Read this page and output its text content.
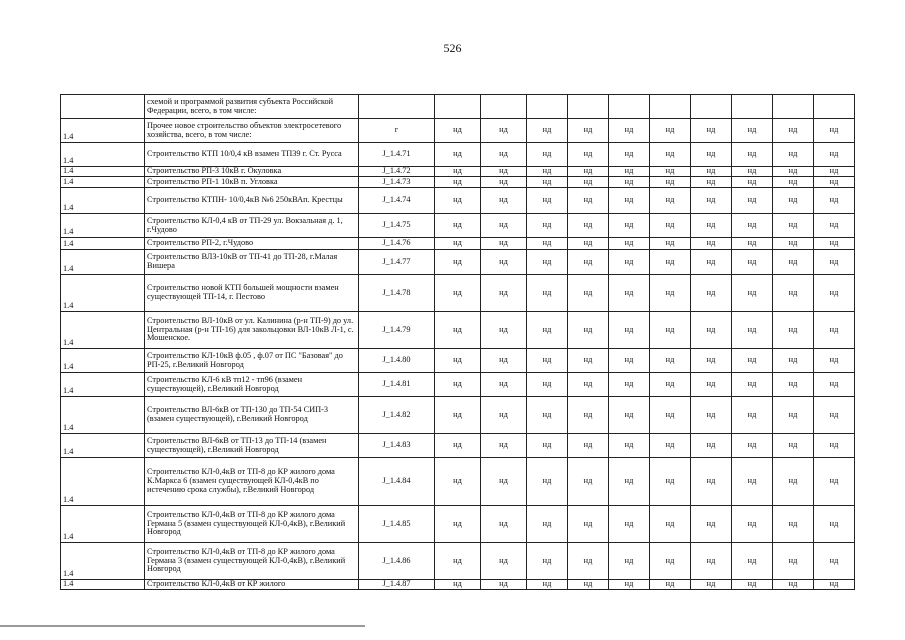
526
	схемой и программой развития субъекта Российской Федерации, всего, в том числе:											
1.4	Прочее новое строительство объектов электросетевого хозяйства, всего, в том числе:	г	нд	нд	нд	нд	нд	нд	нд	нд	нд	нд
1.4	Строительство КТП 10/0,4 кВ взамен ТП39 г. Ст. Русса	J_1.4.71	нд	нд	нд	нд	нд	нд	нд	нд	нд	нд
1.4	Строительство РП-3 10кВ г. Окуловка	J_1.4.72	нд	нд	нд	нд	нд	нд	нд	нд	нд	нд
1.4	Строительство РП-1 10кВ п. Угловка	J_1.4.73	нд	нд	нд	нд	нд	нд	нд	нд	нд	нд
1.4	Строительство КТПН- 10/0,4кВ №6 250кВАп. Крестцы	J_1.4.74	нд	нд	нд	нд	нд	нд	нд	нд	нд	нд
1.4	Строительство КЛ-0,4 кВ от ТП-29 ул. Вокзальная д. 1, г.Чудово	J_1.4.75	нд	нд	нд	нд	нд	нд	нд	нд	нд	нд
1.4	Строительство РП-2, г.Чудово	J_1.4.76	нд	нд	нд	нд	нд	нд	нд	нд	нд	нд
1.4	Строительство ВЛЗ-10кВ от ТП-41 до ТП-28, г.Малая Вишера	J_1.4.77	нд	нд	нд	нд	нд	нд	нд	нд	нд	нд
1.4	Строительство новой КТП большей мощности взамен существующей ТП-14, г. Пестово	J_1.4.78	нд	нд	нд	нд	нд	нд	нд	нд	нд	нд
1.4	Строительство ВЛ-10кВ от ул. Калинина (р-н ТП-9) до ул. Центральная (р-н ТП-16) для закольцовки ВЛ-10кВ Л-1, с. Мошенское.	J_1.4.79	нд	нд	нд	нд	нд	нд	нд	нд	нд	нд
1.4	Строительство КЛ-10кВ ф.05 , ф.07 от ПС "Базовая" до РП-25, г.Великий Новгород	J_1.4.80	нд	нд	нд	нд	нд	нд	нд	нд	нд	нд
1.4	Строительство КЛ-6 кВ тп12 - тп96 (взамен существующей), г.Великий Новгород	J_1.4.81	нд	нд	нд	нд	нд	нд	нд	нд	нд	нд
1.4	Строительство ВЛ-6кВ от ТП-130 до ТП-54 СИП-3 (взамен существующей), г.Великий Новгород	J_1.4.82	нд	нд	нд	нд	нд	нд	нд	нд	нд	нд
1.4	Строительство ВЛ-6кВ от ТП-13 до ТП-14 (взамен существующей), г.Великий Новгород	J_1.4.83	нд	нд	нд	нд	нд	нд	нд	нд	нд	нд
1.4	Строительство КЛ-0,4кВ от ТП-8 до КР жилого дома К.Маркса 6 (взамен существующей КЛ-0,4кВ по истечению срока службы), г.Великий Новгород	J_1.4.84	нд	нд	нд	нд	нд	нд	нд	нд	нд	нд
1.4	Строительство КЛ-0,4кВ от ТП-8 до КР жилого дома Германа 5 (взамен существующей КЛ-0,4кВ), г.Великий Новгород	J_1.4.85	нд	нд	нд	нд	нд	нд	нд	нд	нд	нд
1.4	Строительство КЛ-0,4кВ от ТП-8 до КР жилого дома Германа 3 (взамен существующей КЛ-0,4кВ), г.Великий Новгород	J_1.4.86	нд	нд	нд	нд	нд	нд	нд	нд	нд	нд
1.4	Строительство КЛ-0,4кВ от КР жилого	J_1.4.87	нд	нд	нд	нд	нд	нд	нд	нд	нд	нд
